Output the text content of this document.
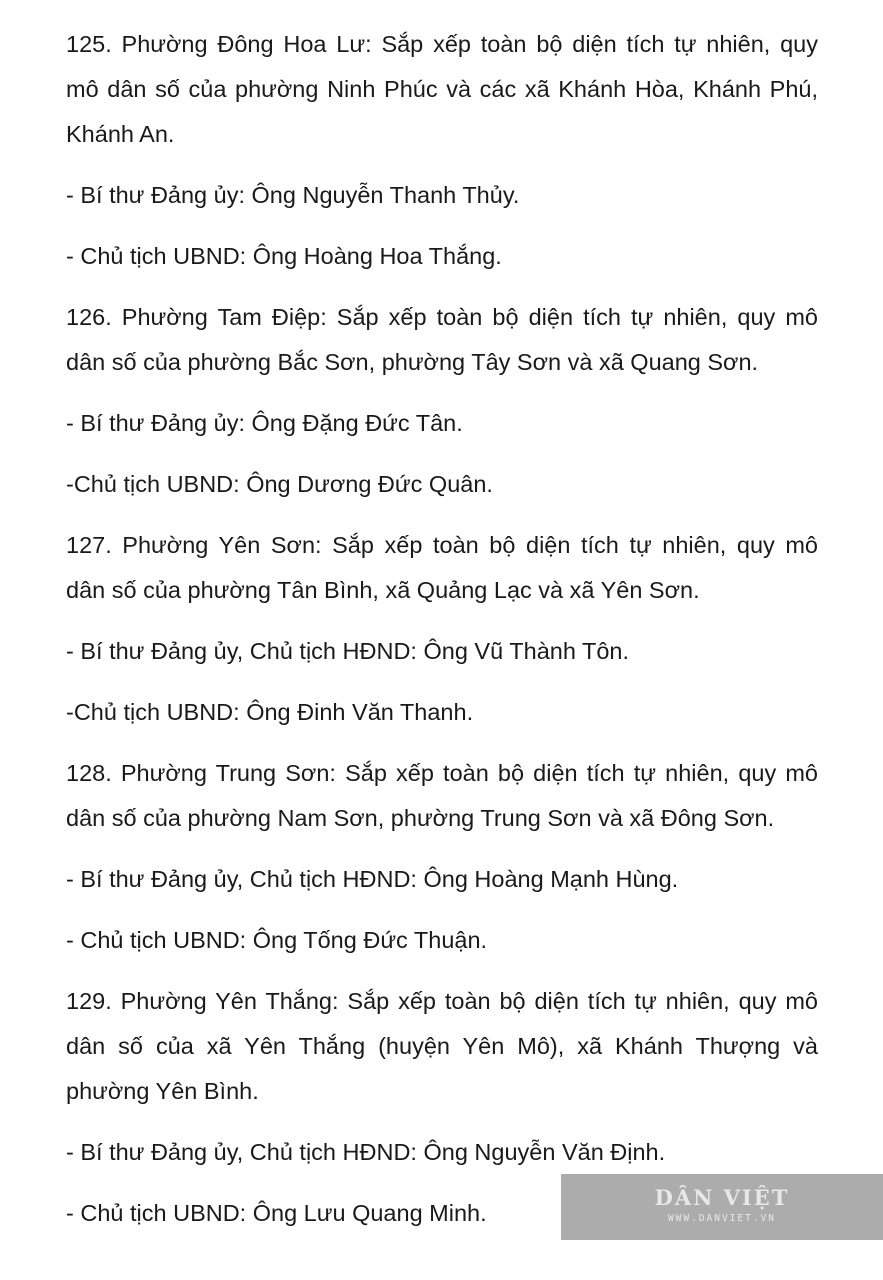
125. Phường Đông Hoa Lư: Sắp xếp toàn bộ diện tích tự nhiên, quy

mô dân số của phường Ninh Phúc và các xã Khánh Hòa, Khánh Phú,

Khánh An.

- Bí thư Đảng ủy: Ông Nguyễn Thanh Thủy.

- Chủ tịch UBND: Ông Hoàng Hoa Thắng.

126. Phường Tam Điệp: Sắp xếp toàn bộ diện tích tự nhiên, quy mô

dân số của phường Bắc Sơn, phường Tây Sơn và xã Quang Sơn.

- Bí thư Đảng ủy: Ông Đặng Đức Tân.

-Chủ tịch UBND: Ông Dương Đức Quân.

127. Phường Yên Sơn: Sắp xếp toàn bộ diện tích tự nhiên, quy mô

dân số của phường Tân Bình, xã Quảng Lạc và xã Yên Sơn.

- Bí thư Đảng ủy, Chủ tịch HĐND: Ông Vũ Thành Tôn.

-Chủ tịch UBND: Ông Đinh Văn Thanh.

128. Phường Trung Sơn: Sắp xếp toàn bộ diện tích tự nhiên, quy mô

dân số của phường Nam Sơn, phường Trung Sơn và xã Đông Sơn.

- Bí thư Đảng ủy, Chủ tịch HĐND: Ông Hoàng Mạnh Hùng.

- Chủ tịch UBND: Ông Tống Đức Thuận.

129. Phường Yên Thắng: Sắp xếp toàn bộ diện tích tự nhiên, quy mô

dân số của xã Yên Thắng (huyện Yên Mô), xã Khánh Thượng và

phường Yên Bình.

- Bí thư Đảng ủy, Chủ tịch HĐND: Ông Nguyễn Văn Định.

- Chủ tịch UBND: Ông Lưu Quang Minh.

DÂN VIỆT
WWW.DANVIET.VN
